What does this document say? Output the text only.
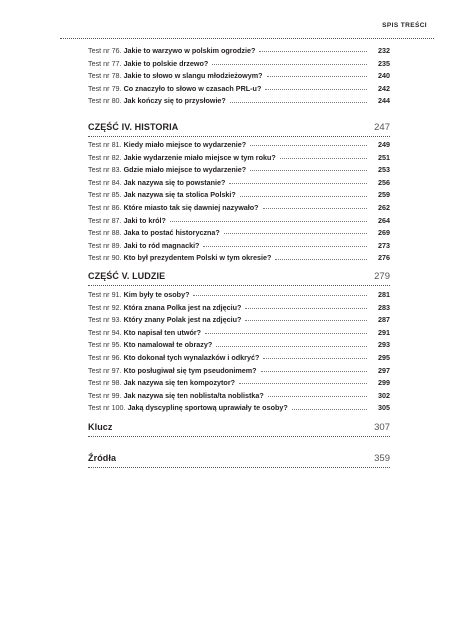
SPIS TREŚCI
Test nr 76. Jakie to warzywo w polskim ogrodzie?	232
Test nr 77. Jakie to polskie drzewo?	235
Test nr 78. Jakie to słowo w slangu młodzieżowym?	240
Test nr 79. Co znaczyło to słowo w czasach PRL-u?	242
Test nr 80. Jak kończy się to przysłowie?	244
CZĘŚĆ IV. HISTORIA	247
Test nr 81. Kiedy miało miejsce to wydarzenie?	249
Test nr 82. Jakie wydarzenie miało miejsce w tym roku?	251
Test nr 83. Gdzie miało miejsce to wydarzenie?	253
Test nr 84. Jak nazywa się to powstanie?	256
Test nr 85. Jak nazywa się ta stolica Polski?	259
Test nr 86. Które miasto tak się dawniej nazywało?	262
Test nr 87. Jaki to król?	264
Test nr 88. Jaka to postać historyczna?	269
Test nr 89. Jaki to ród magnacki?	273
Test nr 90. Kto był prezydentem Polski w tym okresie?	276
CZĘŚĆ V. LUDZIE	279
Test nr 91. Kim były te osoby?	281
Test nr 92. Która znana Polka jest na zdjęciu?	283
Test nr 93. Który znany Polak jest na zdjęciu?	287
Test nr 94. Kto napisał ten utwór?	291
Test nr 95. Kto namalował te obrazy?	293
Test nr 96. Kto dokonał tych wynalazków i odkryć?	295
Test nr 97. Kto posługiwał się tym pseudonimem?	297
Test nr 98. Jak nazywa się ten kompozytor?	299
Test nr 99. Jak nazywa się ten noblista/ta noblistka?	302
Test nr 100. Jaką dyscyplinę sportową uprawiały te osoby?	305
Klucz	307
Źródła	359
